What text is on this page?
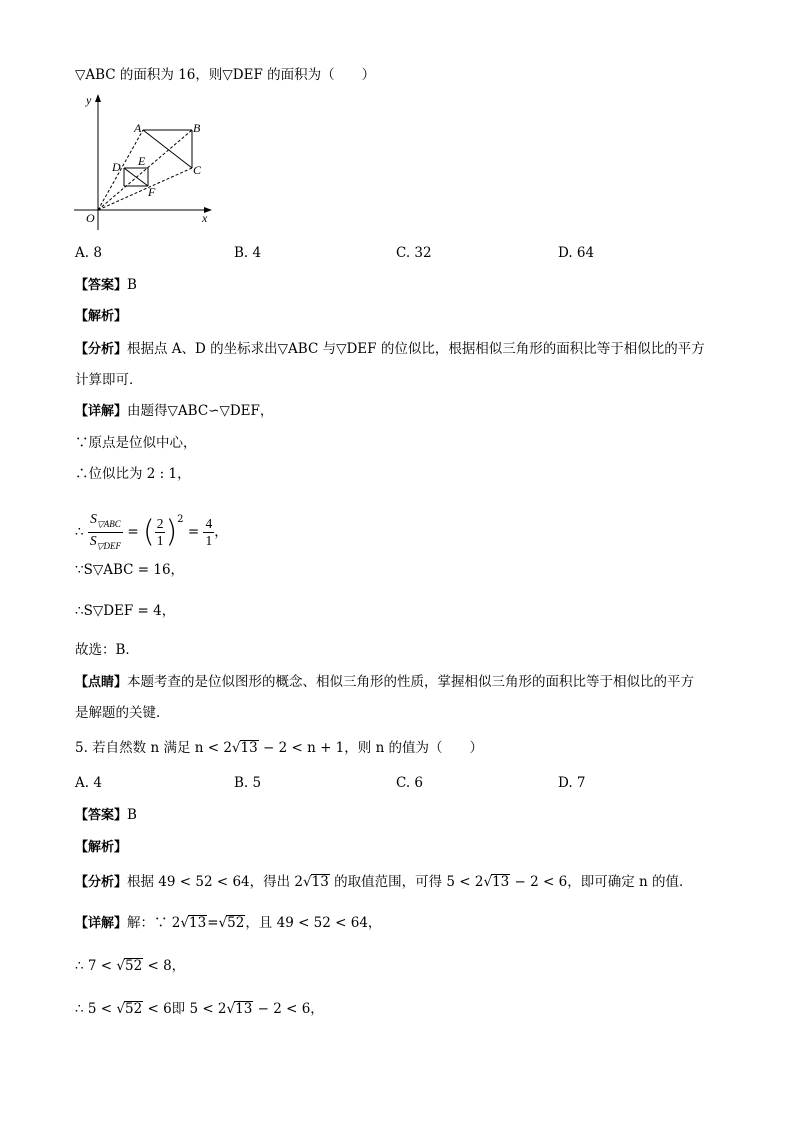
▽ABC 的面积为 16，则▽DEF 的面积为（　　）
y
x
O
A	B
C
D E
F
A. 8	B. 4	C. 32	D. 64
【答案】B
【解析】
【分析】根据点 A、D 的坐标求出▽ABC 与▽DEF 的位似比，根据相似三角形的面积比等于相似比的平方
计算即可．
【详解】由题得▽ABC∽▽DEF，
∵原点是位似中心，
∴位似比为 2 : 1，
∴ $\frac{S_{▽ABC}}{S_{▽DEF}}$ = ( $\frac{2}{1} )^2 = \frac{4}{1}$ ，
∵S▽ABC = 16，
∴S▽DEF = 4，
故选：B．
【点睛】本题考查的是位似图形的概念、相似三角形的性质，掌握相似三角形的面积比等于相似比的平方
是解题的关键．
5. 若自然数 n 满足 n < 2√13 − 2 < n + 1，则 n 的值为（　　）
A. 4	B. 5	C. 6	D. 7
【答案】B
【解析】
【分析】根据 49 < 52 < 64，得出 2√13 的取值范围，可得 5 < 2√13 − 2 < 6，即可确定 n 的值．
【详解】解：∵ 2√13=√52，且 49 < 52 < 64，
∴ 7 < √52 < 8，
∴ 5 < √52 < 6即 5 < 2√13 − 2 < 6，
